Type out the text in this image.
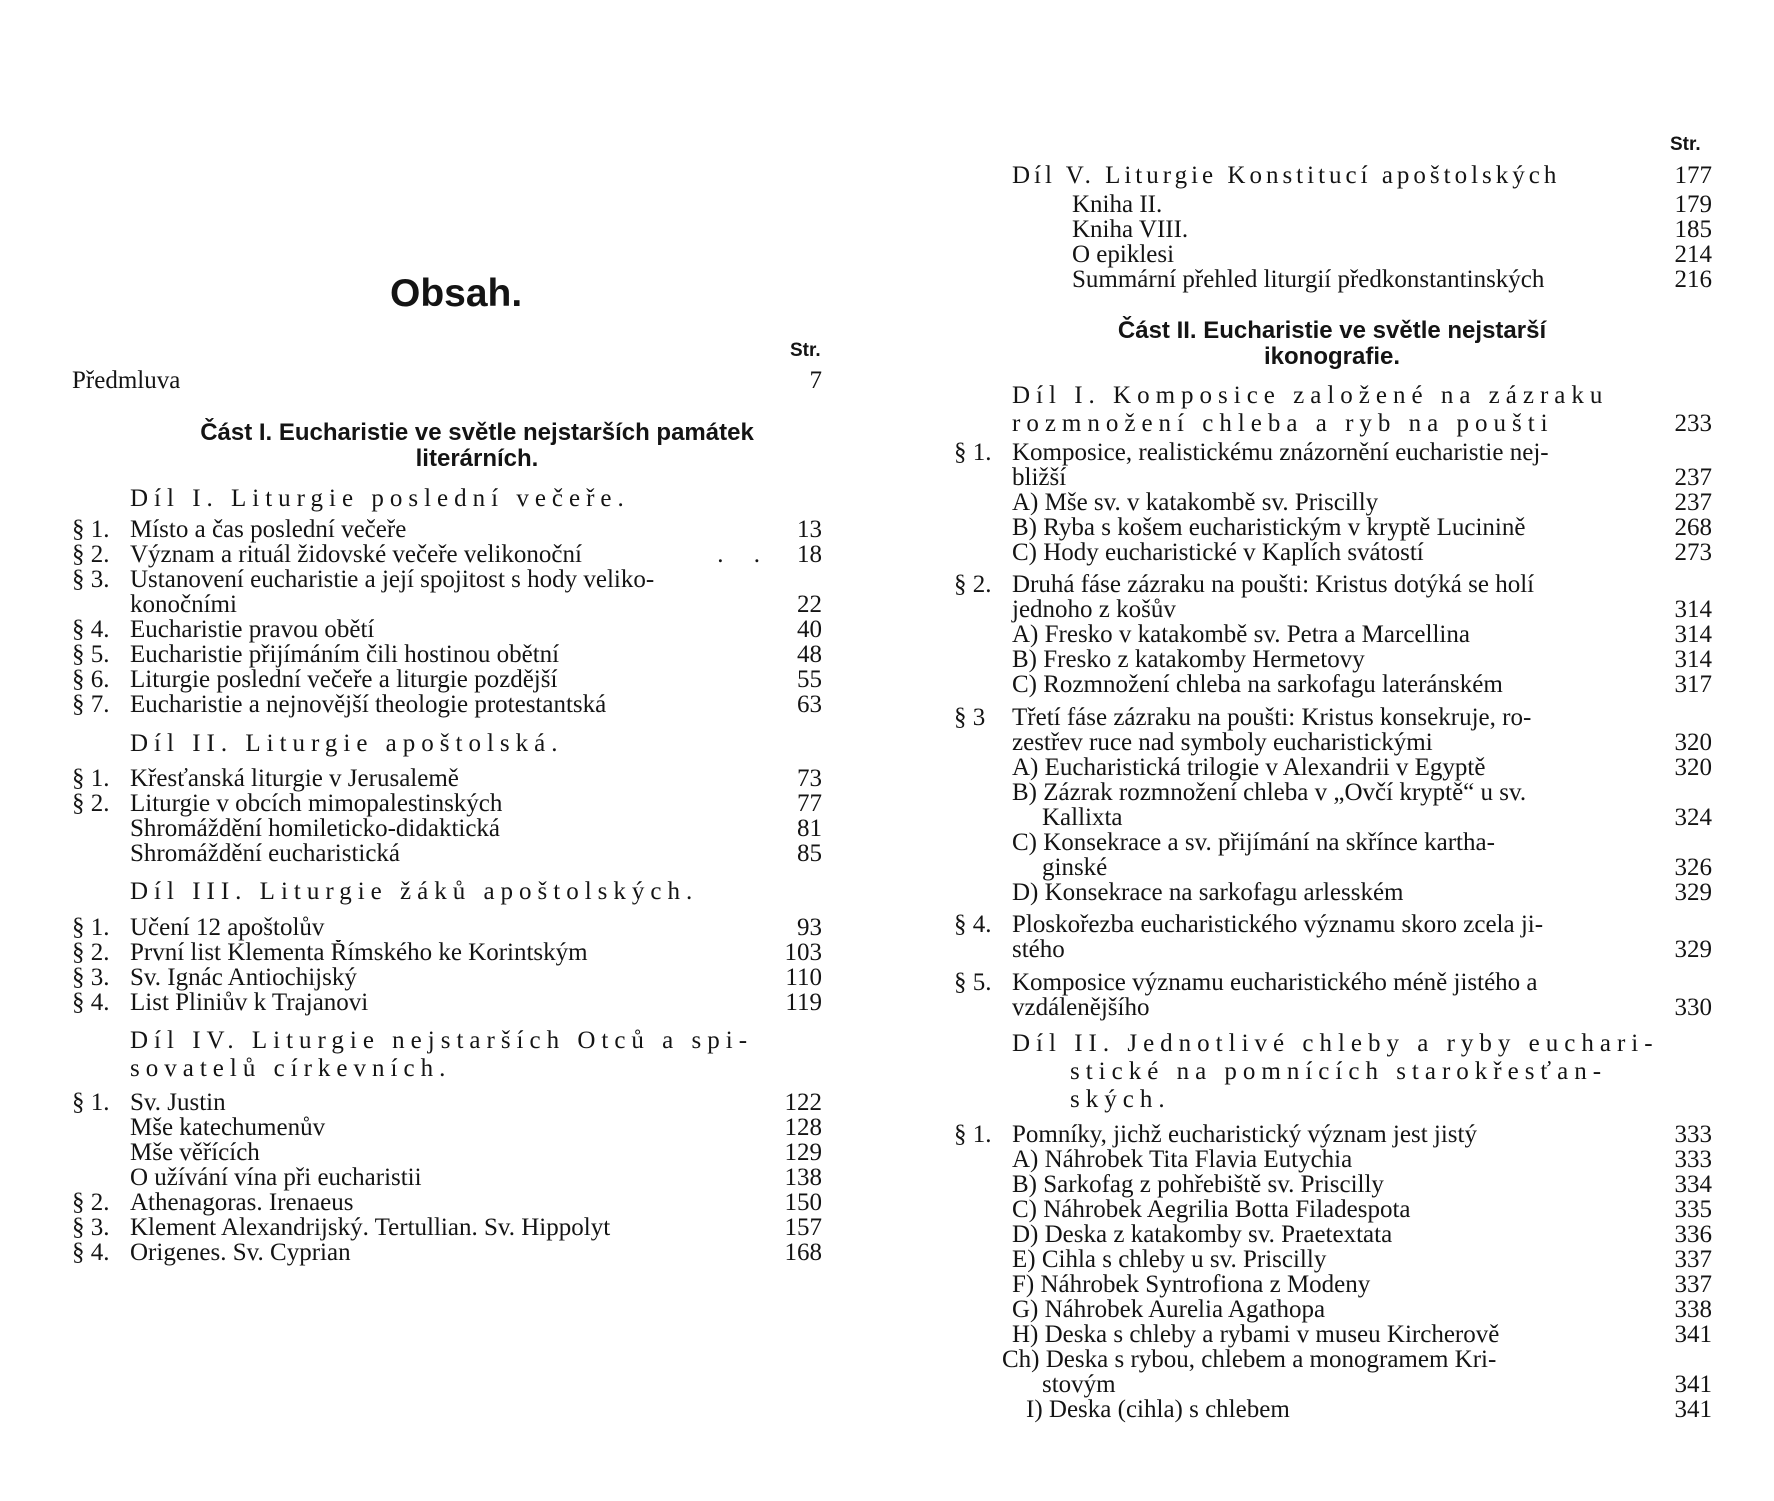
Obsah.
Str.
Předmluva	7
Část I. Eucharistie ve světle nejstarších památek
literárních.
Díl I. Liturgie poslední večeře.
§ 1. Místo a čas poslední večeře	13
§ 2. Význam a rituál židovské večeře velikonoční	. .	18
§ 3. Ustanovení eucharistie a její spojitost s hody veliko-
konočními	22
§ 4. Eucharistie pravou obětí	40
§ 5. Eucharistie přijímáním čili hostinou obětní	48
§ 6. Liturgie poslední večeře a liturgie pozdější	55
§ 7. Eucharistie a nejnovější theologie protestantská	63
Díl II. Liturgie apoštolská.
§ 1. Křesťanská liturgie v Jerusalemě	73
§ 2. Liturgie v obcích mimopalestinských	77
Shromáždění homileticko-didaktická	81
Shromáždění eucharistická	85
Díl III. Liturgie žáků apoštolských.
§ 1. Učení 12 apoštolův	93
§ 2. První list Klementa Římského ke Korintským	103
§ 3. Sv. Ignác Antiochijský	110
§ 4. List Pliniův k Trajanovi	119
Díl IV. Liturgie nejstarších Otců a spi-
sovatelů církevních.
§ 1. Sv. Justin	122
Mše katechumenův	128
Mše věřících	129
O užívání vína při eucharistii	138
§ 2. Athenagoras. Irenaeus	150
§ 3. Klement Alexandrijský. Tertullian. Sv. Hippolyt	157
§ 4. Origenes. Sv. Cyprian	168
Str.
Díl V. Liturgie Konstitucí apoštolských	177
Kniha II.	179
Kniha VIII.	185
O epiklesi	214
Summární přehled liturgií předkonstantinských	216
Část II. Eucharistie ve světle nejstarší
ikonografie.
Díl I. Komposice založené na zázraku
rozmnožení chleba a ryb na poušti	233
§ 1. Komposice, realistickému znázornění eucharistie nej-
bližší	237
A) Mše sv. v katakombě sv. Priscilly	237
B) Ryba s košem eucharistickým v kryptě Lucinině	268
C) Hody eucharistické v Kaplích svátostí	273
§ 2. Druhá fáse zázraku na poušti: Kristus dotýká se holí
jednoho z košův	314
A) Fresko v katakombě sv. Petra a Marcellina	314
B) Fresko z katakomby Hermetovy	314
C) Rozmnožení chleba na sarkofagu lateránském	317
§ 3 Třetí fáse zázraku na poušti: Kristus konsekruje, ro-
zestřev ruce nad symboly eucharistickými	320
A) Eucharistická trilogie v Alexandrii v Egyptě	320
B) Zázrak rozmnožení chleba v „Ovčí kryptě“ u sv.
Kallixta	324
C) Konsekrace a sv. přijímání na skřínce kartha-
ginské	326
D) Konsekrace na sarkofagu arlesském	329
§ 4. Ploskořezba eucharistického významu skoro zcela ji-
stého	329
§ 5. Komposice významu eucharistického méně jistého a
vzdálenějšího	330
Díl II. Jednotlivé chleby a ryby euchari-
stické na pomnících starokřesťan-
ských.
§ 1. Pomníky, jichž eucharistický význam jest jistý	333
A) Náhrobek Tita Flavia Eutychia	333
B) Sarkofag z pohřebiště sv. Priscilly	334
C) Náhrobek Aegrilia Botta Filadespota	335
D) Deska z katakomby sv. Praetextata	336
E) Cihla s chleby u sv. Priscilly	337
F) Náhrobek Syntrofiona z Modeny	337
G) Náhrobek Aurelia Agathopa	338
H) Deska s chleby a rybami v museu Kircherově	341
Ch) Deska s rybou, chlebem a monogramem Kri-
stovým	341
I) Deska (cihla) s chlebem	341
